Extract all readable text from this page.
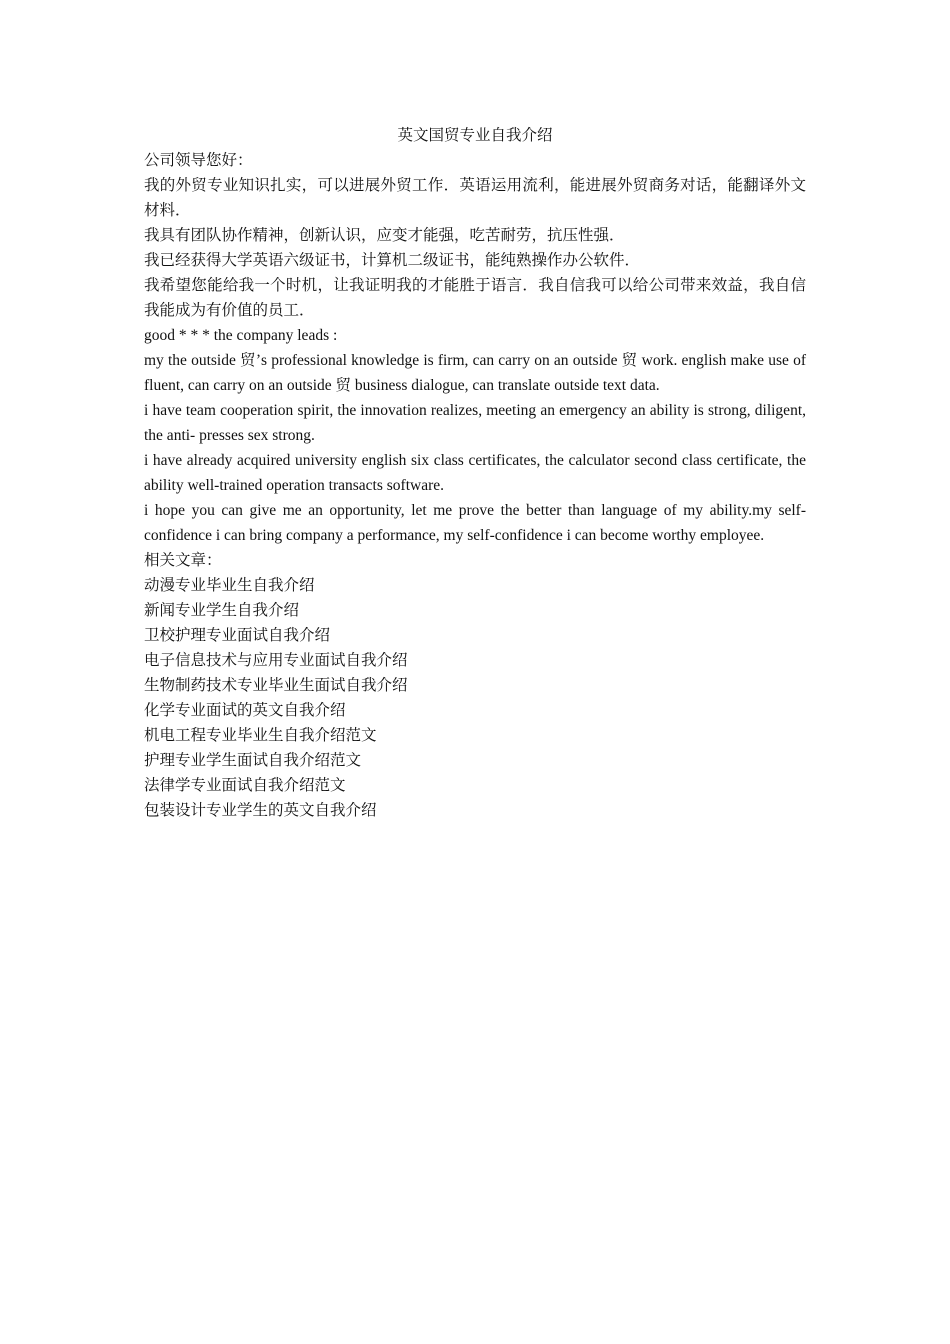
英文国贸专业自我介绍

公司领导您好：

我的外贸专业知识扎实，可以进展外贸工作．英语运用流利，能进展外贸商务对话，能翻译外文材料．

我具有团队协作精神，创新认识，应变才能强，吃苦耐劳，抗压性强．

我已经获得大学英语六级证书，计算机二级证书，能纯熟操作办公软件．

我希望您能给我一个时机，让我证明我的才能胜于语言．我自信我可以给公司带来效益，我自信我能成为有价值的员工．

good * * * the company leads :

my the outside 贸’s professional knowledge is firm, can carry on an outside 贸 work. english make use of fluent, can carry on an outside 贸 business dialogue, can translate outside text data.

i have team cooperation spirit, the innovation realizes, meeting an emergency an ability is strong, diligent, the anti- presses sex strong.

i have already acquired university english six class certificates, the calculator second class certificate, the ability well-trained operation transacts software.

i hope you can give me an opportunity, let me prove the better than language of my ability.my self-confidence i can bring company a performance, my self-confidence i can become worthy employee.

相关文章：

动漫专业毕业生自我介绍
新闻专业学生自我介绍
卫校护理专业面试自我介绍
电子信息技术与应用专业面试自我介绍
生物制药技术专业毕业生面试自我介绍
化学专业面试的英文自我介绍
机电工程专业毕业生自我介绍范文
护理专业学生面试自我介绍范文
法律学专业面试自我介绍范文
包装设计专业学生的英文自我介绍
